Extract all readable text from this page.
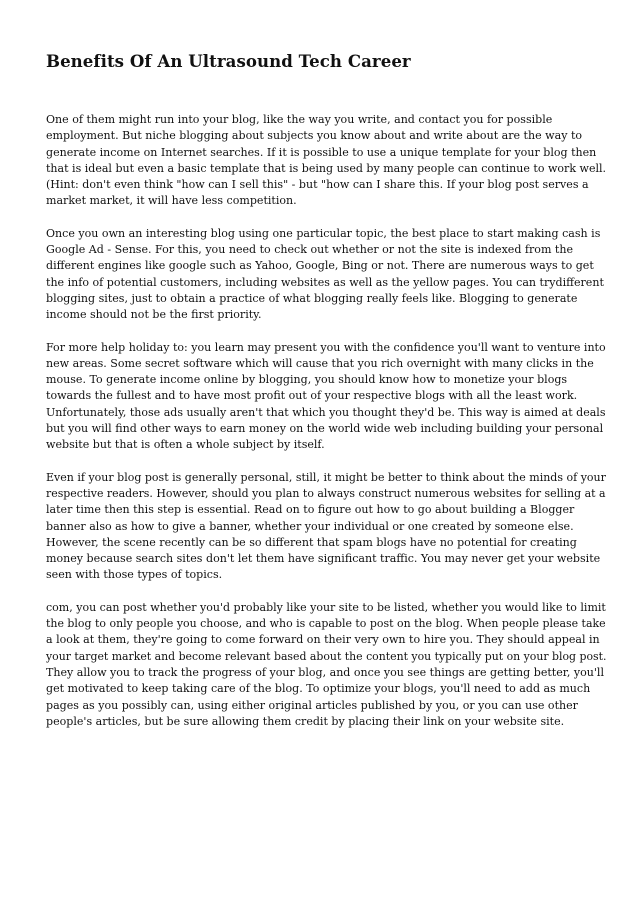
Benefits Of An Ultrasound Tech Career

One of them might run into your blog, like the way you write, and contact you for possible
employment. But niche blogging about subjects you know about and write about are the way to
generate income on Internet searches. If it is possible to use a unique template for your blog then
that is ideal but even a basic template that is being used by many people can continue to work well.
(Hint: don't even think "how can I sell this" - but "how can I share this. If your blog post serves a
market market, it will have less competition.

Once you own an interesting blog using one particular topic, the best place to start making cash is
Google Ad - Sense. For this, you need to check out whether or not the site is indexed from the
different engines like google such as Yahoo, Google, Bing or not. There are numerous ways to get
the info of potential customers, including websites as well as the yellow pages. You can trydifferent
blogging sites, just to obtain a practice of what blogging really feels like. Blogging to generate
income should not be the first priority.

For more help holiday to: you learn may present you with the confidence you'll want to venture into
new areas. Some secret software which will cause that you rich overnight with many clicks in the
mouse. To generate income online by blogging, you should know how to monetize your blogs
towards the fullest and to have most profit out of your respective blogs with all the least work.
Unfortunately, those ads usually aren't that which you thought they'd be. This way is aimed at deals
but you will find other ways to earn money on the world wide web including building your personal
website but that is often a whole subject by itself.

Even if your blog post is generally personal, still, it might be better to think about the minds of your
respective readers. However, should you plan to always construct numerous websites for selling at a
later time then this step is essential. Read on to figure out how to go about building a Blogger
banner also as how to give a banner, whether your individual or one created by someone else.
However, the scene recently can be so different that spam blogs have no potential for creating
money because search sites don't let them have significant traffic. You may never get your website
seen with those types of topics.

com, you can post whether you'd probably like your site to be listed, whether you would like to limit
the blog to only people you choose, and who is capable to post on the blog. When people please take
a look at them, they're going to come forward on their very own to hire you. They should appeal in
your target market and become relevant based about the content you typically put on your blog post.
They allow you to track the progress of your blog, and once you see things are getting better, you'll
get motivated to keep taking care of the blog. To optimize your blogs, you'll need to add as much
pages as you possibly can, using either original articles published by you, or you can use other
people's articles, but be sure allowing them credit by placing their link on your website site.
